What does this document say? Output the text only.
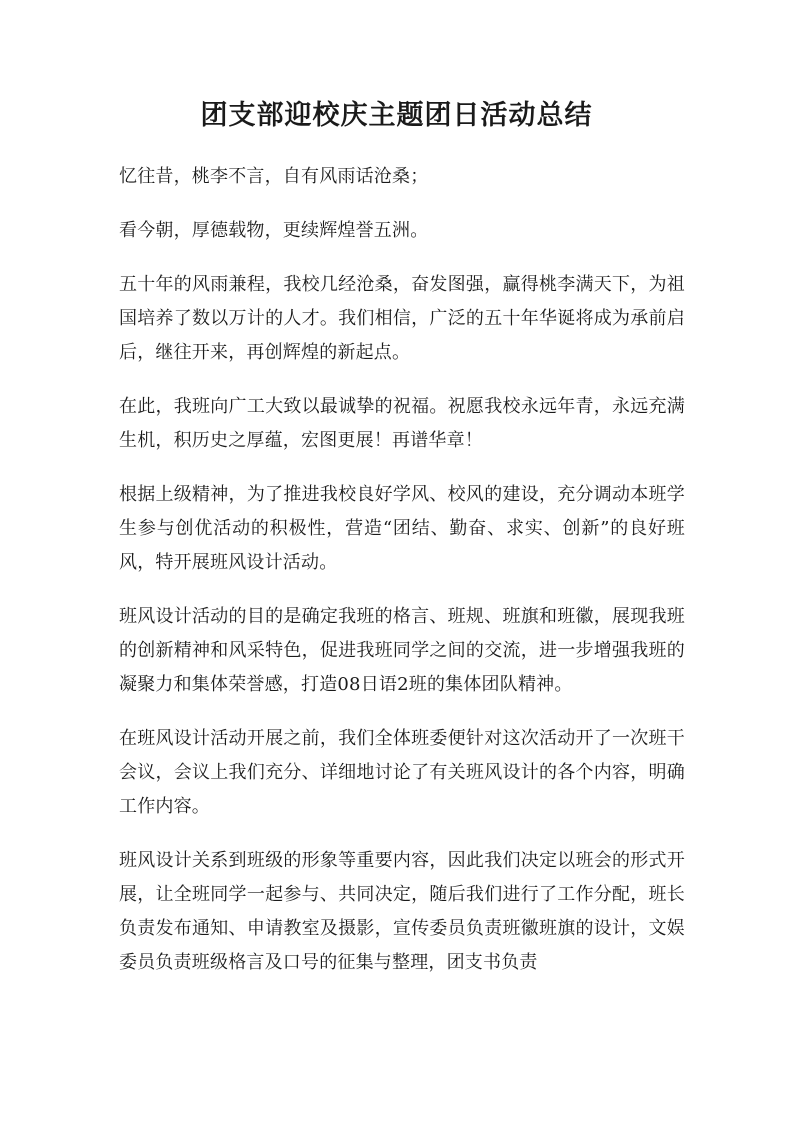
团支部迎校庆主题团日活动总结

忆往昔，桃李不言，自有风雨话沧桑；

看今朝，厚德载物，更续辉煌誉五洲。

五十年的风雨兼程，我校几经沧桑，奋发图强，赢得桃李满天下，为祖国培养了数以万计的人才。我们相信，广泛的五十年华诞将成为承前启后，继往开来，再创辉煌的新起点。

在此，我班向广工大致以最诚挚的祝福。祝愿我校永远年青，永远充满生机，积历史之厚蕴，宏图更展！再谱华章！

根据上级精神，为了推进我校良好学风、校风的建设，充分调动本班学生参与创优活动的积极性，营造“团结、勤奋、求实、创新”的良好班风，特开展班风设计活动。

班风设计活动的目的是确定我班的格言、班规、班旗和班徽，展现我班的创新精神和风采特色，促进我班同学之间的交流，进一步增强我班的凝聚力和集体荣誉感，打造08日语2班的集体团队精神。

在班风设计活动开展之前，我们全体班委便针对这次活动开了一次班干会议，会议上我们充分、详细地讨论了有关班风设计的各个内容，明确工作内容。

班风设计关系到班级的形象等重要内容，因此我们决定以班会的形式开展，让全班同学一起参与、共同决定，随后我们进行了工作分配，班长负责发布通知、申请教室及摄影，宣传委员负责班徽班旗的设计，文娱委员负责班级格言及口号的征集与整理，团支书负责
